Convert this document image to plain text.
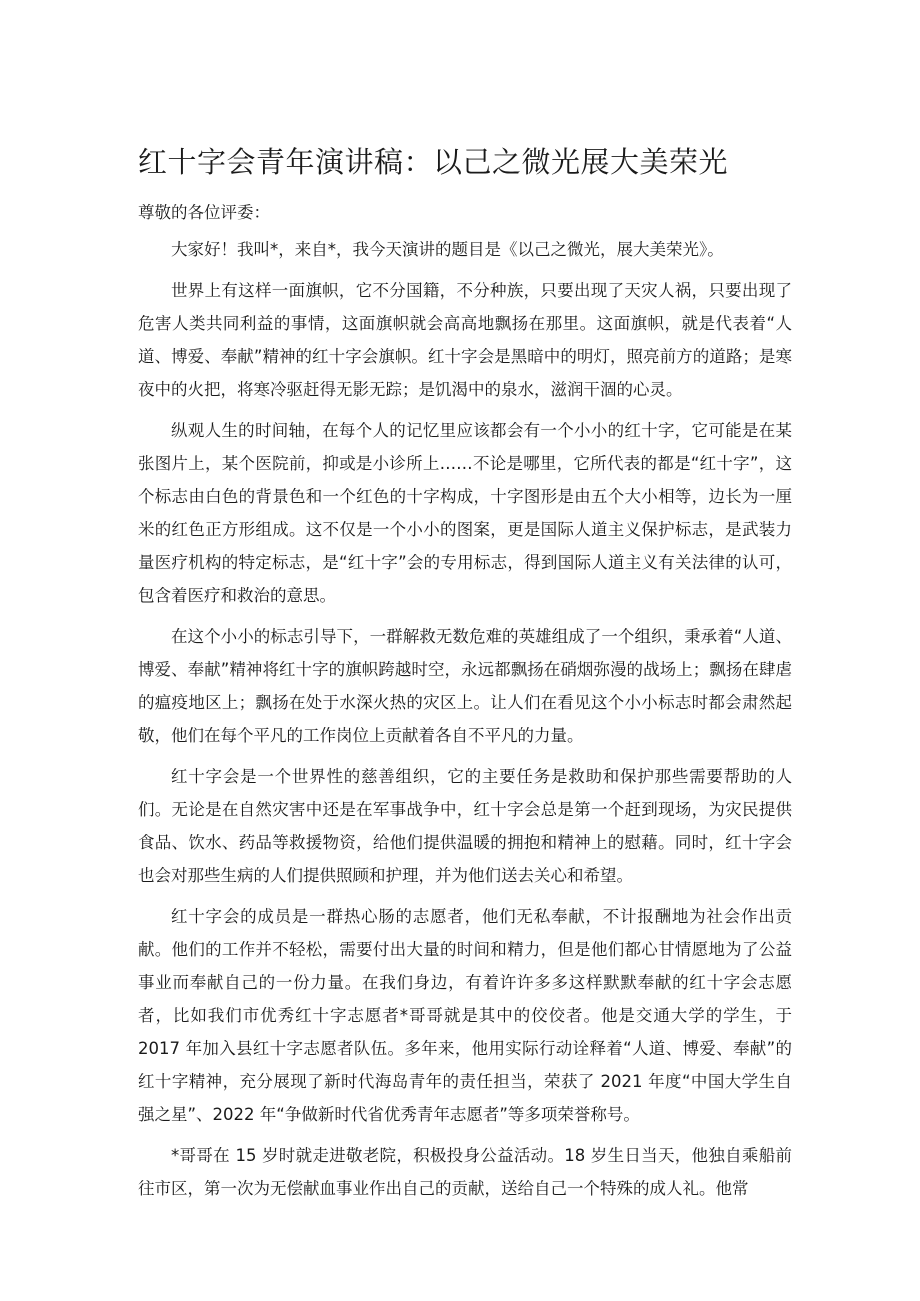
红十字会青年演讲稿：以己之微光展大美荣光

尊敬的各位评委：

大家好！我叫*，来自*，我今天演讲的题目是《以己之微光，展大美荣光》。

世界上有这样一面旗帜，它不分国籍，不分种族，只要出现了天灾人祸，只要出现了危害人类共同利益的事情，这面旗帜就会高高地飘扬在那里。这面旗帜，就是代表着“人道、博爱、奉献”精神的红十字会旗帜。红十字会是黑暗中的明灯，照亮前方的道路；是寒夜中的火把，将寒冷驱赶得无影无踪；是饥渴中的泉水，滋润干涸的心灵。

纵观人生的时间轴，在每个人的记忆里应该都会有一个小小的红十字，它可能是在某张图片上，某个医院前，抑或是小诊所上……不论是哪里，它所代表的都是“红十字”，这个标志由白色的背景色和一个红色的十字构成，十字图形是由五个大小相等，边长为一厘米的红色正方形组成。这不仅是一个小小的图案，更是国际人道主义保护标志，是武装力量医疗机构的特定标志，是“红十字”会的专用标志，得到国际人道主义有关法律的认可，包含着医疗和救治的意思。

在这个小小的标志引导下，一群解救无数危难的英雄组成了一个组织，秉承着“人道、博爱、奉献”精神将红十字的旗帜跨越时空，永远都飘扬在硝烟弥漫的战场上；飘扬在肆虐的瘟疫地区上；飘扬在处于水深火热的灾区上。让人们在看见这个小小标志时都会肃然起敬，他们在每个平凡的工作岗位上贡献着各自不平凡的力量。

红十字会是一个世界性的慈善组织，它的主要任务是救助和保护那些需要帮助的人们。无论是在自然灾害中还是在军事战争中，红十字会总是第一个赶到现场，为灾民提供食品、饮水、药品等救援物资，给他们提供温暖的拥抱和精神上的慰藉。同时，红十字会也会对那些生病的人们提供照顾和护理，并为他们送去关心和希望。

红十字会的成员是一群热心肠的志愿者，他们无私奉献，不计报酬地为社会作出贡献。他们的工作并不轻松，需要付出大量的时间和精力，但是他们都心甘情愿地为了公益事业而奉献自己的一份力量。在我们身边，有着许许多多这样默默奉献的红十字会志愿者，比如我们市优秀红十字志愿者*哥哥就是其中的佼佼者。他是交通大学的学生，于 2017 年加入县红十字志愿者队伍。多年来，他用实际行动诠释着“人道、博爱、奉献”的红十字精神，充分展现了新时代海岛青年的责任担当，荣获了 2021 年度“中国大学生自强之星”、2022 年“争做新时代省优秀青年志愿者”等多项荣誉称号。

*哥哥在 15 岁时就走进敬老院，积极投身公益活动。18 岁生日当天，他独自乘船前往市区，第一次为无偿献血事业作出自己的贡献，送给自己一个特殊的成人礼。他常
